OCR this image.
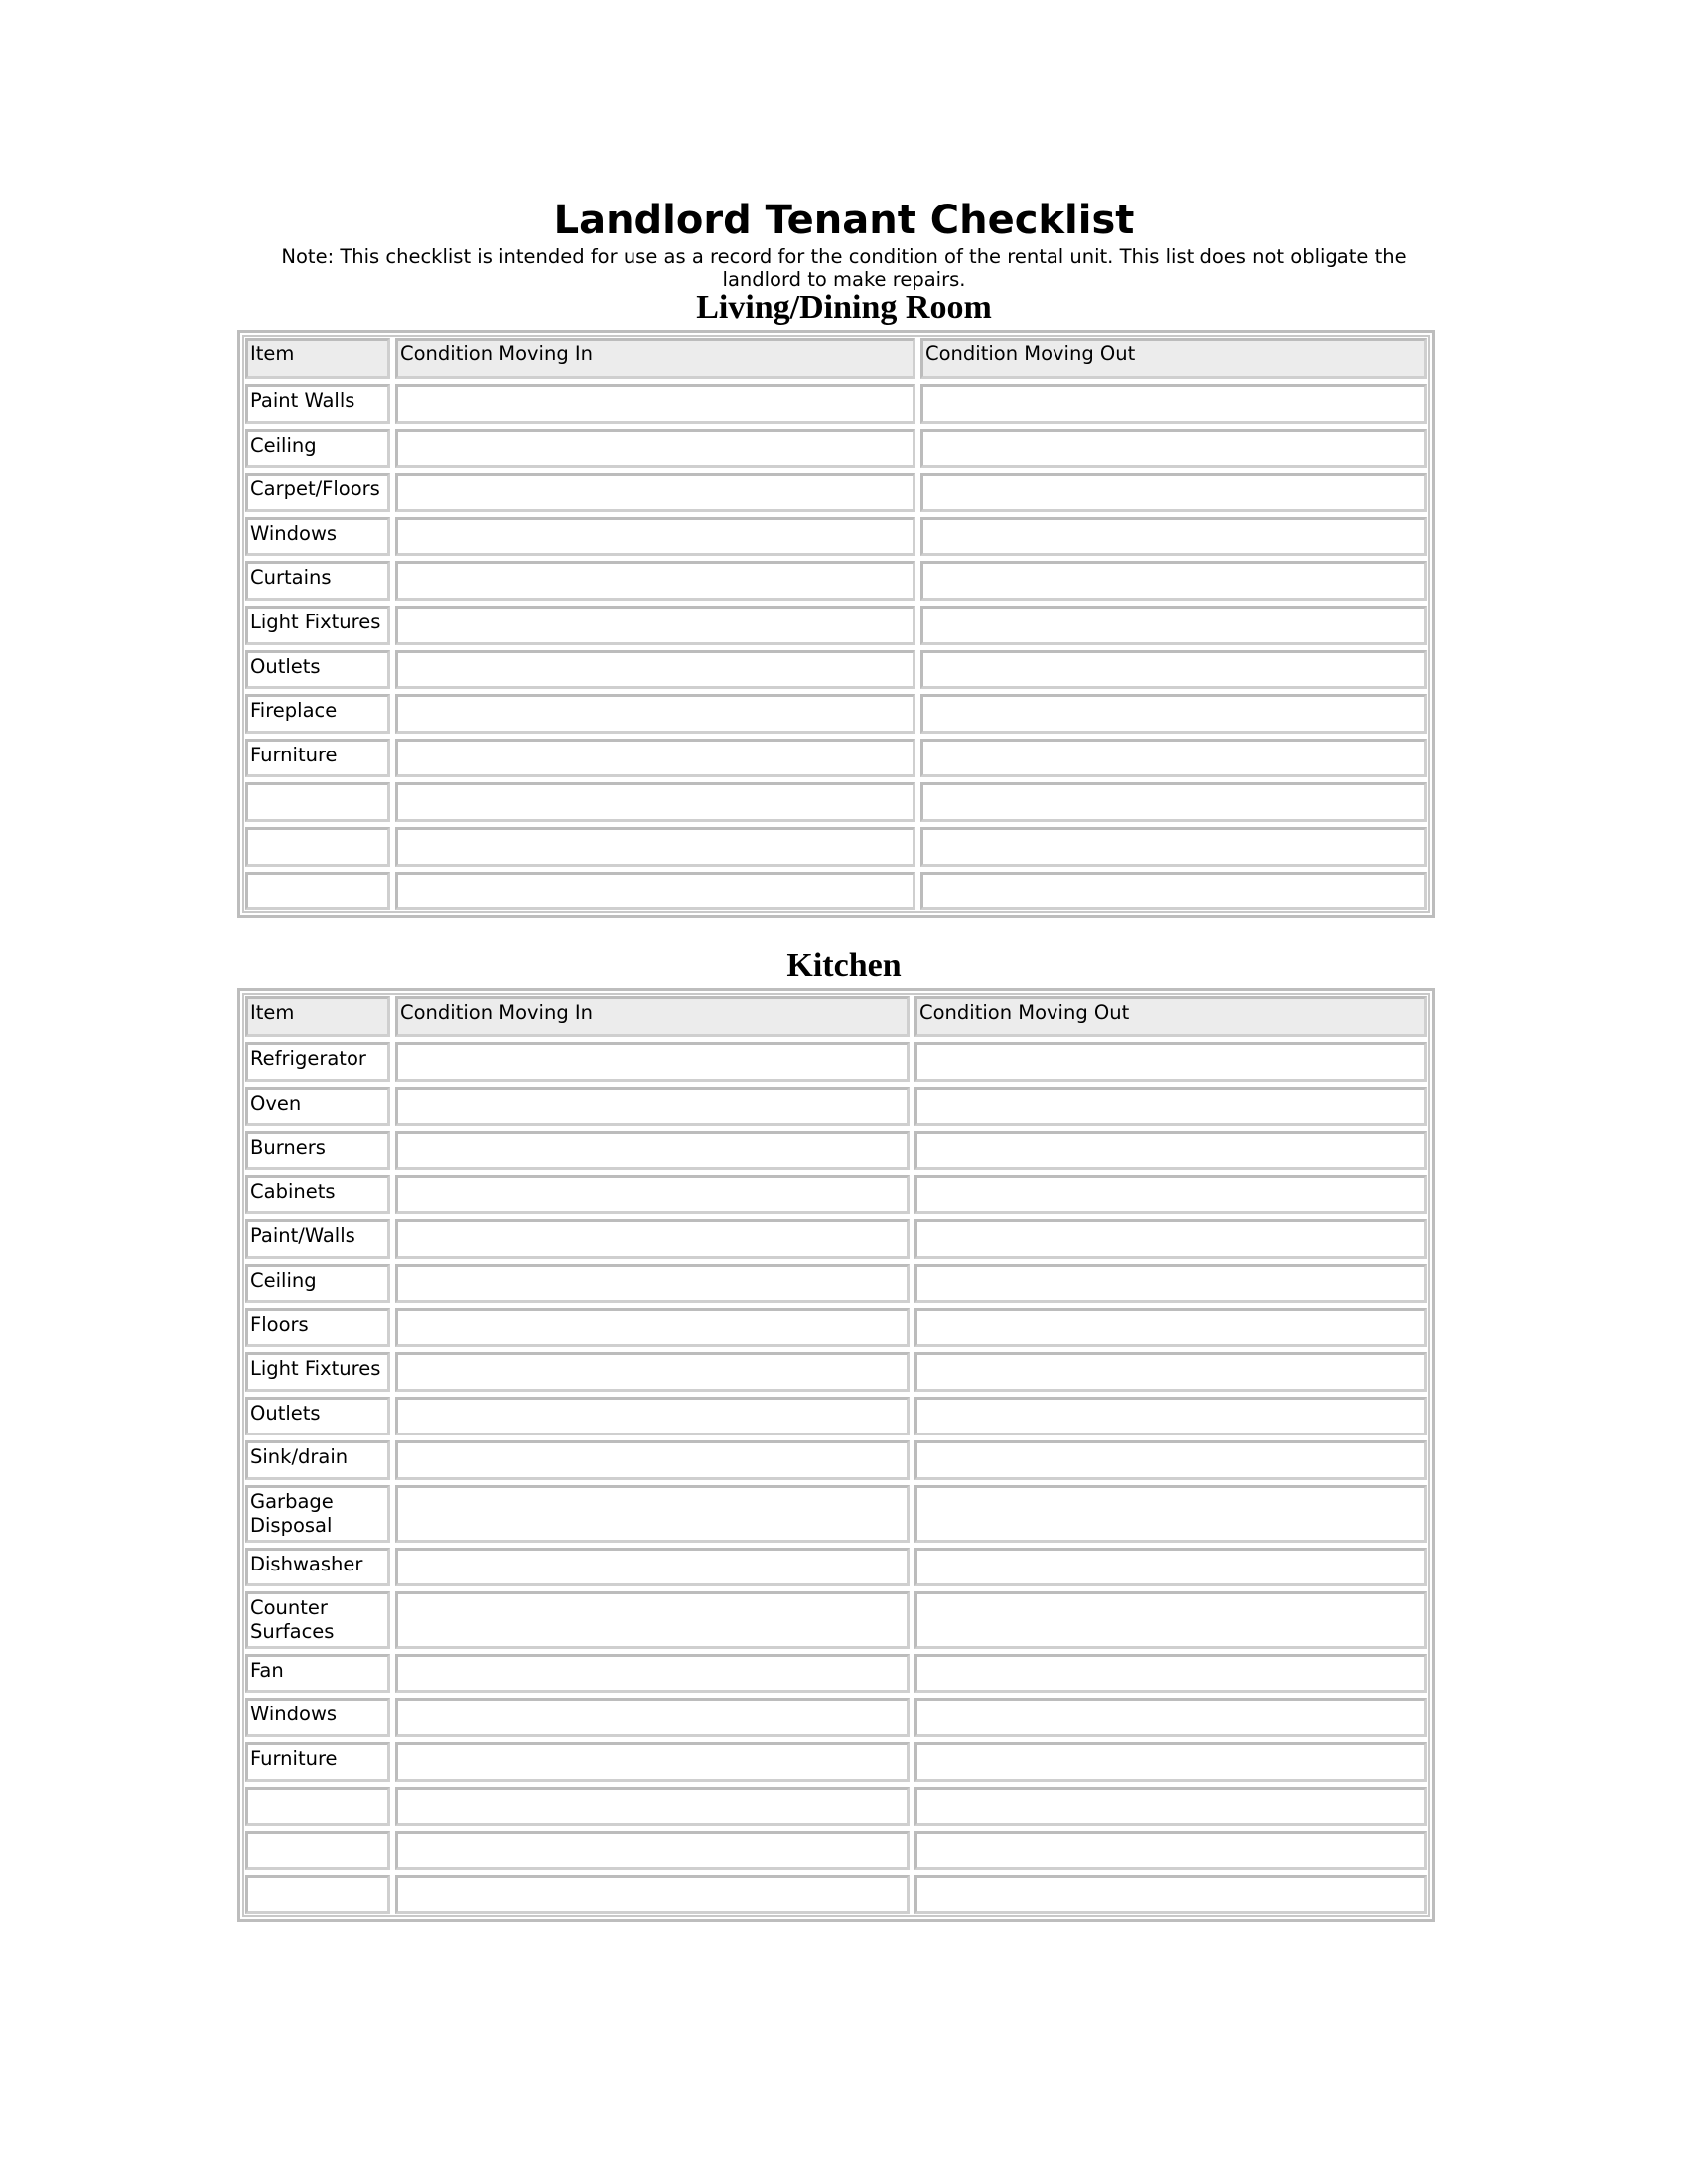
Landlord Tenant Checklist

Note: This checklist is intended for use as a record for the condition of the rental unit. This list does not obligate the landlord to make repairs.

Living/Dining Room
Item	Condition Moving In	Condition Moving Out
Paint Walls		
Ceiling		
Carpet/Floors		
Windows		
Curtains		
Light Fixtures		
Outlets		
Fireplace		
Furniture		

Kitchen
Item	Condition Moving In	Condition Moving Out
Refrigerator		
Oven		
Burners		
Cabinets		
Paint/Walls		
Ceiling		
Floors		
Light Fixtures		
Outlets		
Sink/drain		
Garbage Disposal		
Dishwasher		
Counter Surfaces		
Fan		
Windows		
Furniture		
